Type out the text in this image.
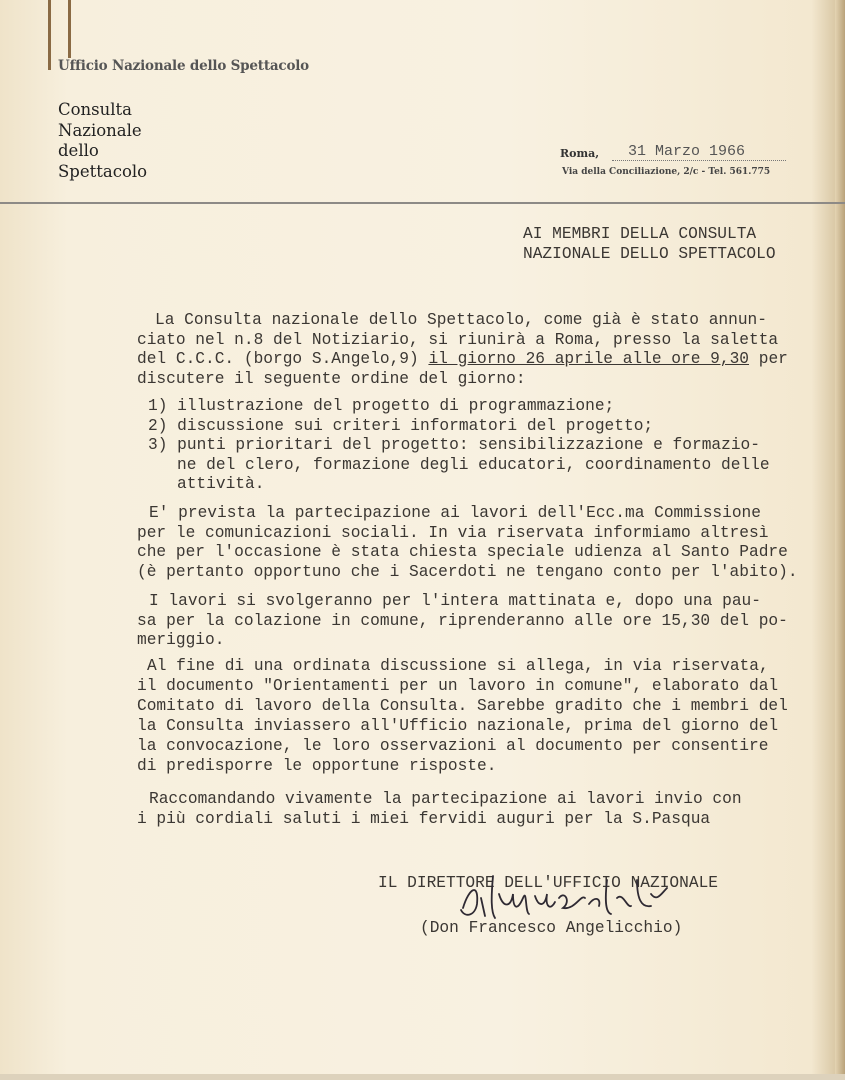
Ufficio Nazionale dello Spettacolo
Consulta
Nazionale
dello
Spettacolo
Roma,	31 Marzo 1966
Via della Conciliazione, 2/c - Tel. 561.775
AI MEMBRI DELLA CONSULTA
NAZIONALE DELLO SPETTACOLO
La Consulta nazionale dello Spettacolo, come già è stato annun-
ciato nel n.8 del Notiziario, si riunirà a Roma, presso la saletta
del C.C.C. (borgo S.Angelo,9) il giorno 26 aprile alle ore 9,30 per
discutere il seguente ordine del giorno:
1) illustrazione del progetto di programmazione;
2) discussione sui criteri informatori del progetto;
3) punti prioritari del progetto: sensibilizzazione e formazio-
ne del clero, formazione degli educatori, coordinamento delle
attività.
E' prevista la partecipazione ai lavori dell'Ecc.ma Commissione
per le comunicazioni sociali. In via riservata informiamo altresì
che per l'occasione è stata chiesta speciale udienza al Santo Padre
(è pertanto opportuno che i Sacerdoti ne tengano conto per l'abito).
I lavori si svolgeranno per l'intera mattinata e, dopo una pau-
sa per la colazione in comune, riprenderanno alle ore 15,30 del po-
meriggio.
Al fine di una ordinata discussione si allega, in via riservata,
il documento "Orientamenti per un lavoro in comune", elaborato dal
Comitato di lavoro della Consulta. Sarebbe gradito che i membri del
la Consulta inviassero all'Ufficio nazionale, prima del giorno del
la convocazione, le loro osservazioni al documento per consentire
di predisporre le opportune risposte.
Raccomandando vivamente la partecipazione ai lavori invio con
i più cordiali saluti i miei fervidi auguri per la S.Pasqua
IL DIRETTORE DELL'UFFICIO NAZIONALE
(Don Francesco Angelicchio)
